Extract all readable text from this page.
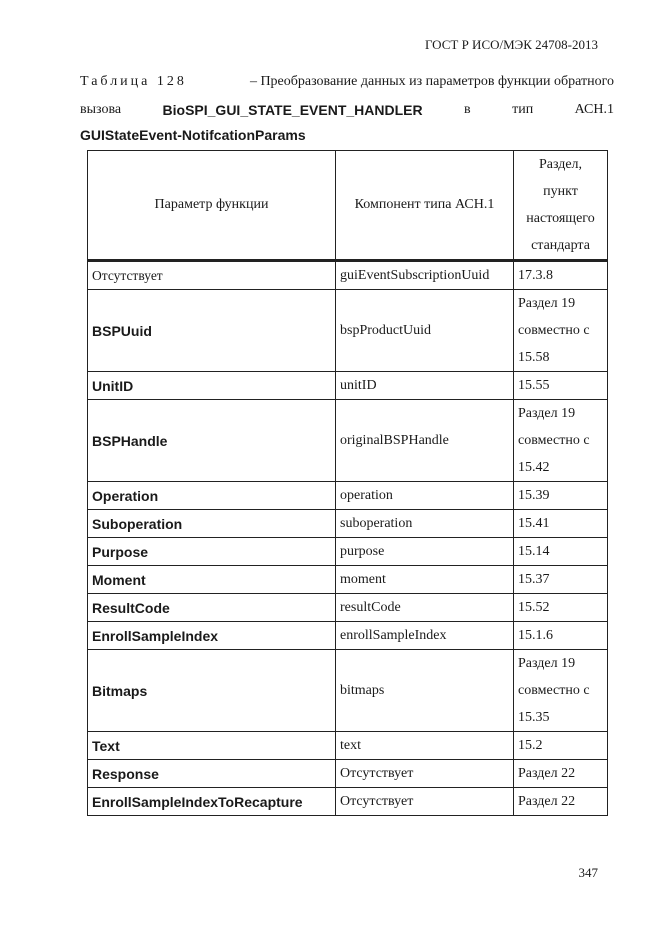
ГОСТ Р ИСО/МЭК 24708-2013
Таблица 128	– Преобразование данных из параметров функции обратного
вызова	BioSPI_GUI_STATE_EVENT_HANDLER	в	тип	АСН.1
GUIStateEvent-NotifcationParams
Параметр функции	Компонент типа АСН.1	Раздел,
пункт
настоящего
стандарта

Отсутствует	guiEventSubscriptionUuid	17.3.8

BSPUuid	bspProductUuid	Раздел 19
совместно с
15.58

UnitID	unitID	15.55

BSPHandle	originalBSPHandle	Раздел 19
совместно с
15.42

Operation	operation	15.39

Suboperation	suboperation	15.41

Purpose	purpose	15.14

Moment	moment	15.37

ResultCode	resultCode	15.52

EnrollSampleIndex	enrollSampleIndex	15.1.6

Bitmaps	bitmaps	Раздел 19
совместно с
15.35

Text	text	15.2

Response	Отсутствует	Раздел 22

EnrollSampleIndexToRecapture	Отсутствует	Раздел 22
347
